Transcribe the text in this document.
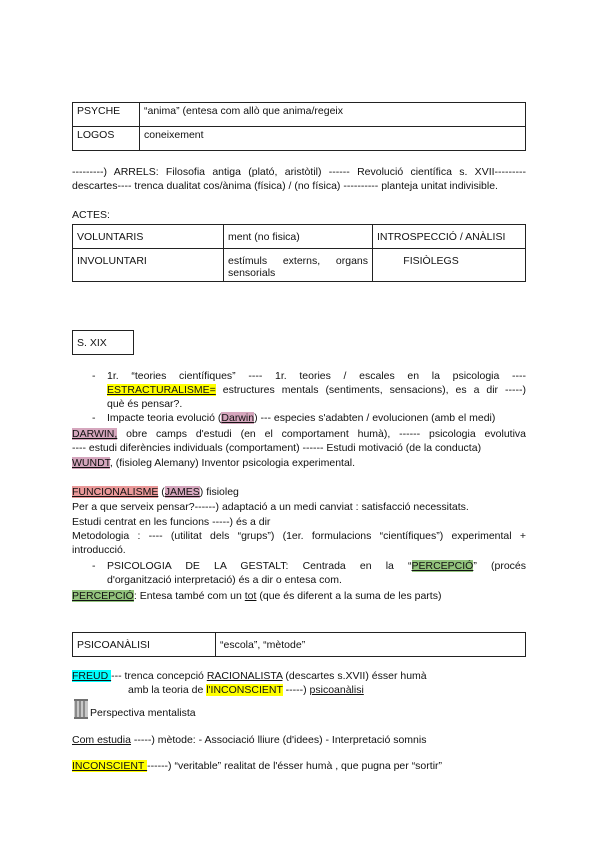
PSYCHE	“anima” (entesa com allò que anima/regeix
LOGOS	coneixement
---------) ARRELS: Filosofia antiga (plató, aristòtil) ------ Revolució científica s. XVII---------
descartes---- trenca dualitat cos/ànima (física) / (no física) ---------- planteja unitat indivisible.
ACTES:
VOLUNTARIS	ment (no fisica)	INTROSPECCIÓ / ANÀLISI
INVOLUNTARI	estímuls externs, organs sensorials	FISIÒLEGS
S. XIX
- 1r. “teories científiques” ---- 1r. teories / escales en la psicologia ----
ESTRACTURALISME= estructures mentals (sentiments, sensacions), es a dir -----)
què és pensar?.
- Impacte teoria evolució (Darwin) --- especies s'adabten / evolucionen (amb el medi)
DARWIN, obre camps d'estudi (en el comportament humà), ------ psicologia evolutiva
---- estudi diferències individuals (comportament) ------ Estudi motivació (de la conducta)
WUNDT, (fisioleg Alemany) Inventor psicologia experimental.
FUNCIONALISME (JAMES) fisioleg
Per a que serveix pensar?------) adaptació a un medi canviat : satisfacció necessitats.
Estudi centrat en les funcions -----) és a dir
Metodologia : ---- (utilitat dels “grups”) (1er. formulacions “científiques”) experimental +
introducció.
- PSICOLOGIA DE LA GESTALT: Centrada en la “PERCEPCIÓ” (procés
d'organització interpretació) és a dir o entesa com.
PERCEPCIÓ: Entesa també com un tot (que és diferent a la suma de les parts)
PSICOANÀLISI	“escola”, “mètode”
FREUD --- trenca concepció RACIONALISTA (descartes s.XVII) ésser humà
amb la teoria de l'INCONSCIENT -----) psicoanàlisi
Perspectiva mentalista
Com estudia -----) mètode: - Associació lliure (d'idees) - Interpretació somnis
INCONSCIENT ------) “veritable” realitat de l'ésser humà , que pugna per “sortir”
